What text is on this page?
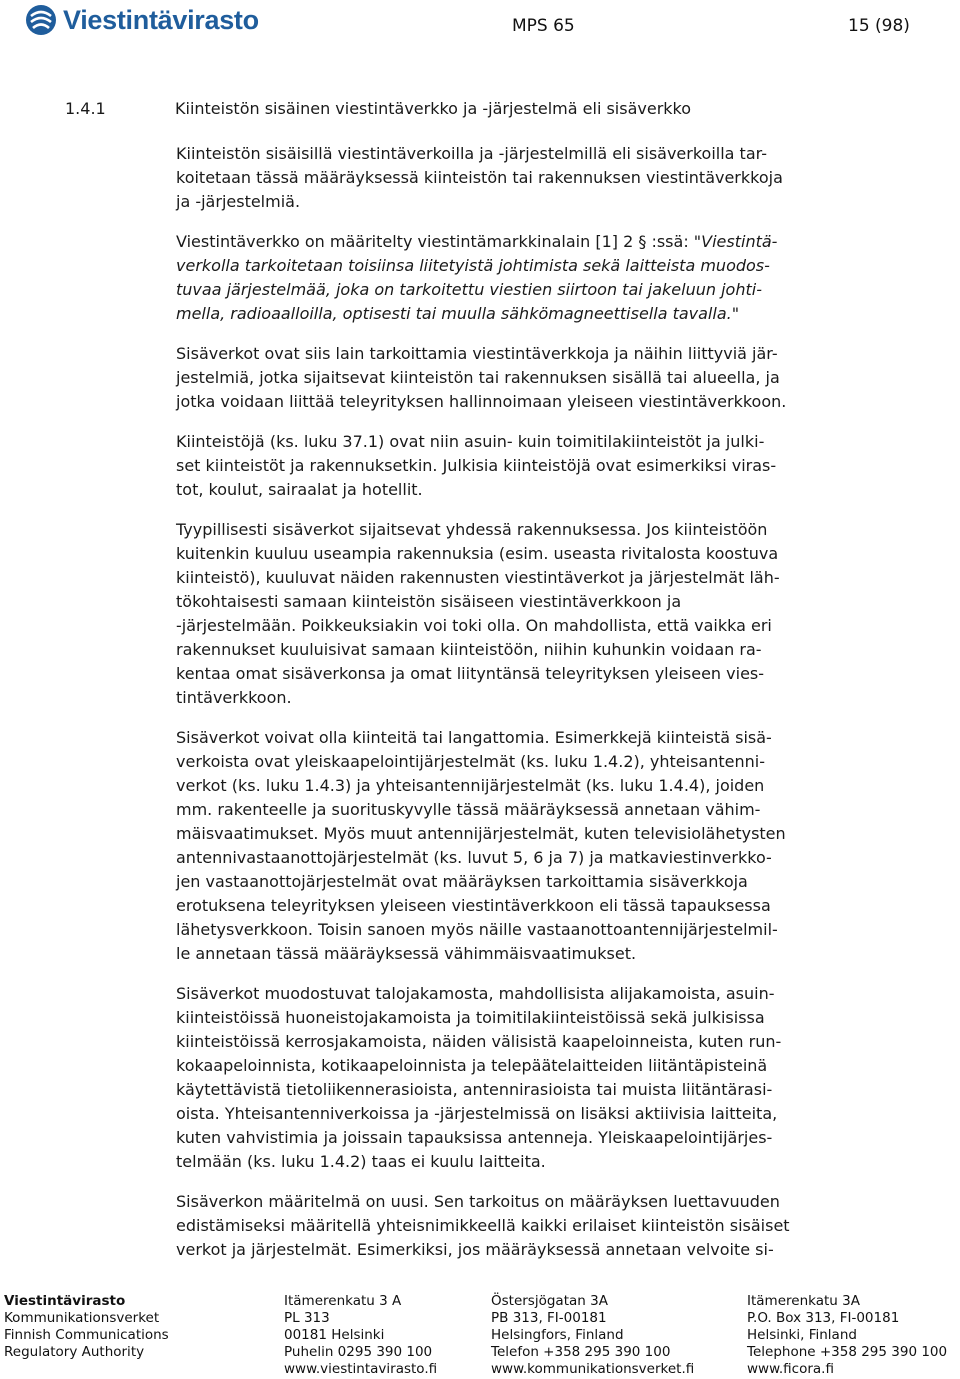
Viestintävirasto	MPS 65	15 (98)
1.4.1	Kiinteistön sisäinen viestintäverkko ja -järjestelmä eli sisäverkko

Kiinteistön sisäisillä viestintäverkoilla ja -järjestelmillä eli sisäverkoilla tar-
koitetaan tässä määräyksessä kiinteistön tai rakennuksen viestintäverkkoja
ja -järjestelmiä.

Viestintäverkko on määritelty viestintämarkkinalain [1] 2 § :ssä: "Viestintä-
verkolla tarkoitetaan toisiinsa liitetyistä johtimista sekä laitteista muodos-
tuvaa järjestelmää, joka on tarkoitettu viestien siirtoon tai jakeluun johti-
mella, radioaalloilla, optisesti tai muulla sähkömagneettisella tavalla."

Sisäverkot ovat siis lain tarkoittamia viestintäverkkoja ja näihin liittyviä jär-
jestelmiä, jotka sijaitsevat kiinteistön tai rakennuksen sisällä tai alueella, ja
jotka voidaan liittää teleyrityksen hallinnoimaan yleiseen viestintäverkkoon.

Kiinteistöjä (ks. luku 37.1) ovat niin asuin- kuin toimitilakiinteistöt ja julki-
set kiinteistöt ja rakennuksetkin. Julkisia kiinteistöjä ovat esimerkiksi viras-
tot, koulut, sairaalat ja hotellit.

Tyypillisesti sisäverkot sijaitsevat yhdessä rakennuksessa. Jos kiinteistöön
kuitenkin kuuluu useampia rakennuksia (esim. useasta rivitalosta koostuva
kiinteistö), kuuluvat näiden rakennusten viestintäverkot ja järjestelmät läh-
tökohtaisesti samaan kiinteistön sisäiseen viestintäverkkoon ja
-järjestelmään. Poikkeuksiakin voi toki olla. On mahdollista, että vaikka eri
rakennukset kuuluisivat samaan kiinteistöön, niihin kuhunkin voidaan ra-
kentaa omat sisäverkonsa ja omat liityntänsä teleyrityksen yleiseen vies-
tintäverkkoon.

Sisäverkot voivat olla kiinteitä tai langattomia. Esimerkkejä kiinteistä sisä-
verkoista ovat yleiskaapelointijärjestelmät (ks. luku 1.4.2), yhteisantenni-
verkot (ks. luku 1.4.3) ja yhteisantennijärjestelmät (ks. luku 1.4.4), joiden
mm. rakenteelle ja suorituskyvylle tässä määräyksessä annetaan vähim-
mäisvaatimukset. Myös muut antennijärjestelmät, kuten televisiolähetysten
antennivastaanottojärjestelmät (ks. luvut 5, 6 ja 7) ja matkaviestinverkko-
jen vastaanottojärjestelmät ovat määräyksen tarkoittamia sisäverkkoja
erotuksena teleyrityksen yleiseen viestintäverkkoon eli tässä tapauksessa
lähetysverkkoon. Toisin sanoen myös näille vastaanottoantennijärjestelmil-
le annetaan tässä määräyksessä vähimmäisvaatimukset.

Sisäverkot muodostuvat talojakamosta, mahdollisista alijakamoista, asuin-
kiinteistöissä huoneistojakamoista ja toimitilakiinteistöissä sekä julkisissa
kiinteistöissä kerrosjakamoista, näiden välisistä kaapeloinneista, kuten run-
kokaapeloinnista, kotikaapeloinnista ja telepäätelaitteiden liitäntäpisteinä
käytettävistä tietoliikennerasioista, antennirasioista tai muista liitäntärasi-
oista. Yhteisantenniverkoissa ja -järjestelmissä on lisäksi aktiivisia laitteita,
kuten vahvistimia ja joissain tapauksissa antenneja. Yleiskaapelointijärjes-
telmään (ks. luku 1.4.2) taas ei kuulu laitteita.

Sisäverkon määritelmä on uusi. Sen tarkoitus on määräyksen luettavuuden
edistämiseksi määritellä yhteisnimikkeellä kaikki erilaiset kiinteistön sisäiset
verkot ja järjestelmät. Esimerkiksi, jos määräyksessä annetaan velvoite si-

Viestintävirasto
Kommunikationsverket
Finnish Communications
Regulatory Authority
Itämerenkatu 3 A
PL 313
00181 Helsinki
Puhelin 0295 390 100
www.viestintavirasto.fi
Östersjögatan 3A
PB 313, FI-00181
Helsingfors, Finland
Telefon +358 295 390 100
www.kommunikationsverket.fi
Itämerenkatu 3A
P.O. Box 313, FI-00181
Helsinki, Finland
Telephone +358 295 390 100
www.ficora.fi
